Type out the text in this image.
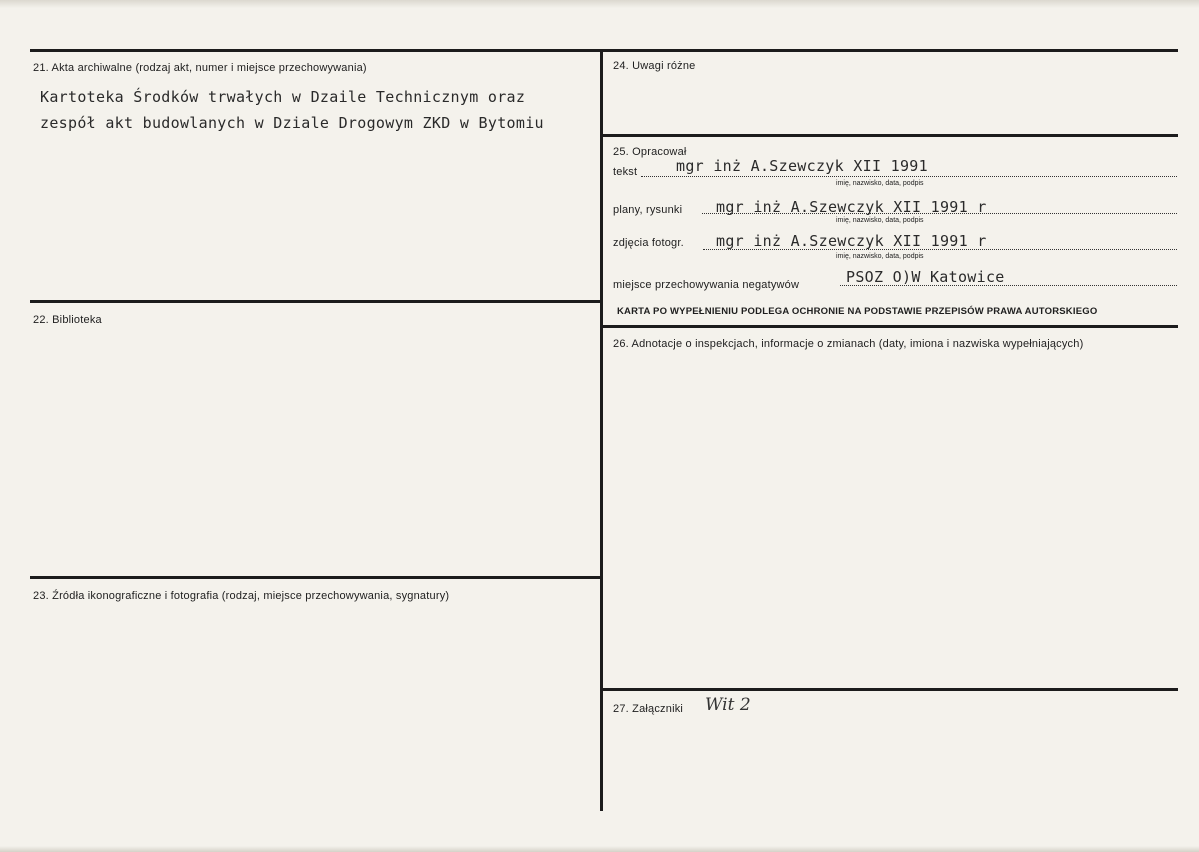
21. Akta archiwalne (rodzaj akt, numer i miejsce przechowywania)
Kartoteka Środków trwałych w Dzaile Technicznym oraz
zespół akt budowlanych w Dziale Drogowym ZKD w Bytomiu
22. Biblioteka
23. Źródła ikonograficzne i fotografia (rodzaj, miejsce przechowywania, sygnatury)
24. Uwagi różne
25. Opracował
tekst	mgr inż A.Szewczyk XII 1991
imię, nazwisko, data, podpis
plany, rysunki mgr inż A.Szewczyk XII 1991 r
imię, nazwisko, data, podpis
zdjęcia fotogr. mgr inż A.Szewczyk XII 1991 r
imię, nazwisko, data, podpis
miejsce przechowywania negatywów	PSOZ O)W Katowice
KARTA PO WYPEŁNIENIU PODLEGA OCHRONIE NA PODSTAWIE PRZEPISÓW PRAWA AUTORSKIEGO
26. Adnotacje o inspekcjach, informacje o zmianach (daty, imiona i nazwiska wypełniających)
27. Załączniki Wit 2
